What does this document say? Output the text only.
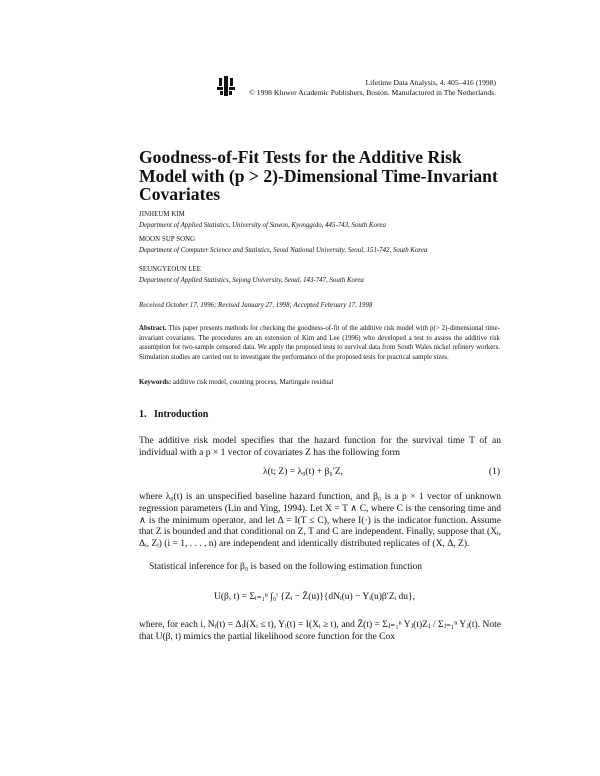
Lifetime Data Analysis, 4, 405–416 (1998)
© 1998 Kluwer Academic Publishers, Boston. Manufactured in The Netherlands.
Goodness-of-Fit Tests for the Additive Risk Model with (p > 2)-Dimensional Time-Invariant Covariates
JINHEUM KIM
Department of Applied Statistics, University of Suwon, Kyonggido, 445-743, South Korea
MOON SUP SONG
Department of Computer Science and Statistics, Seoul National University, Seoul, 151-742, South Korea
SEUNGYEOUN LEE
Department of Applied Statistics, Sejong University, Seoul, 143-747, South Korea
Received October 17, 1996; Revised January 27, 1998; Accepted February 17, 1998

Abstract. This paper presents methods for checking the goodness-of-fit of the additive risk model with p(> 2)-dimensional time-invariant covariates. The procedures are an extension of Kim and Lee (1996) who developed a test to assess the additive risk assumption for two-sample censored data. We apply the proposed tests to survival data from South Wales nickel refinery workers. Simulation studies are carried out to investigate the performance of the proposed tests for practical sample sizes.

Keywords: additive risk model, counting process, Martingale residual
1. Introduction

The additive risk model specifies that the hazard function for the survival time T of an individual with a p × 1 vector of covariates Z has the following form

λ(t; Z) = λ₀(t) + β₀′Z,	(1)

where λ₀(t) is an unspecified baseline hazard function, and β₀ is a p × 1 vector of unknown regression parameters (Lin and Ying, 1994). Let X = T ∧ C, where C is the censoring time and ∧ is the minimum operator, and let Δ = I(T ≤ C), where I(·) is the indicator function. Assume that Z is bounded and that conditional on Z, T and C are independent. Finally, suppose that (Xᵢ, Δᵢ, Zᵢ) (i = 1, . . . , n) are independent and identically distributed replicates of (X, Δ, Z).

Statistical inference for β₀ is based on the following estimation function

U(β, t) = Σᵢ₌₁ⁿ ∫₀ᵗ {Zᵢ − Z̄(u)}{dNᵢ(u) − Yᵢ(u)β′Zᵢ du},

where, for each i, Nᵢ(t) = ΔᵢI(Xᵢ ≤ t), Yᵢ(t) = I(Xᵢ ≥ t), and Z̄(t) = Σⱼ₌₁ⁿ Yⱼ(t)Zⱼ / Σⱼ₌₁ⁿ Yⱼ(t). Note that U(β, t) mimics the partial likelihood score function for the Cox
